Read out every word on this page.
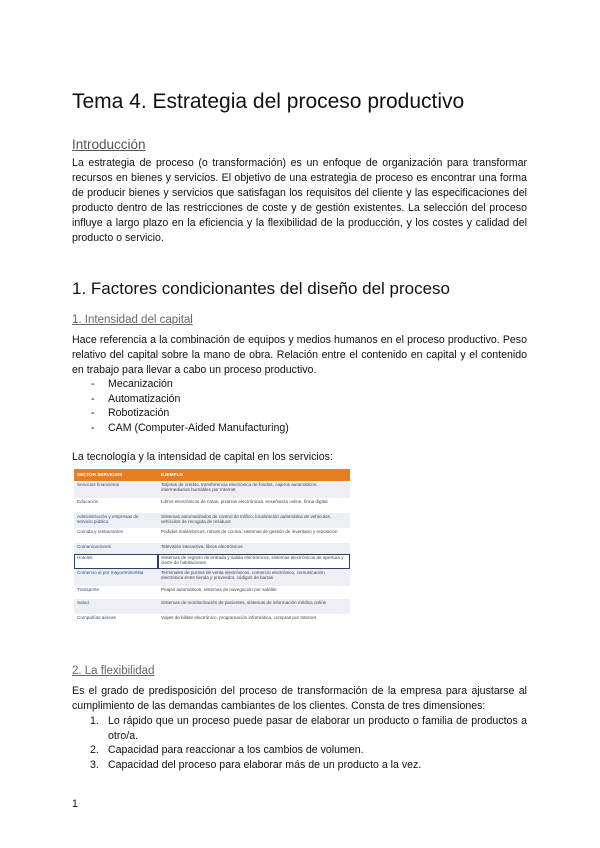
Tema 4. Estrategia del proceso productivo
Introducción

La estrategia de proceso (o transformación) es un enfoque de organización para transformar recursos en bienes y servicios. El objetivo de una estrategia de proceso es encontrar una forma de producir bienes y servicios que satisfagan los requisitos del cliente y las especificaciones del producto dentro de las restricciones de coste y de gestión existentes. La selección del proceso influye a largo plazo en la eficiencia y la flexibilidad de la producción, y los costes y calidad del producto o servicio.

1. Factores condicionantes del diseño del proceso
1. Intensidad del capital

Hace referencia a la combinación de equipos y medios humanos en el proceso productivo. Peso relativo del capital sobre la mano de obra. Relación entre el contenido en capital y el contenido en trabajo para llevar a cabo un proceso productivo.

- Mecanización
- Automatización
- Robotización
- CAM (Computer-Aided Manufacturing)

La tecnología y la intensidad de capital en los servicios:

SECTOR SERVICIOS	EJEMPLO
Servicios financieros	Tarjetas de crédito, transferencia electrónica de fondos, cajeros automáticos, intermediarios bursátiles por Internet
Educación	Libros electrónicos de notas, pizarras electrónicas, enseñanza online, firma digital
Administración y empresas de servicio público	Sistemas automatizados de control de tráfico, localización automática de vehículos, vehículos de recogida de residuos
Comida y restaurantes	Pedidos inalámbricos, robots de cocina, sistemas de gestión de inventario y reposición
Comunicaciones	Televisión interactiva, libros electrónicos
Hoteles	Sistemas de registro de entrada y salida electrónicos, sistemas electrónicos de apertura y cierre de habitaciones
Comercio al por mayor/minorista	Terminales de puntos de venta electrónicos, comercio electrónico, comunicación electrónica entre tienda y proveedor, códigos de barras
Transporte	Peajes automáticos, sistemas de navegación por satélite
Salud	Sistemas de monitorización de pacientes, sistemas de información médica online
Compañías aéreas	Viajes de billete electrónico, programación informática, compras por Internet
2. La flexibilidad

Es el grado de predisposición del proceso de transformación de la empresa para ajustarse al cumplimiento de las demandas cambiantes de los clientes. Consta de tres dimensiones:

1. Lo rápido que un proceso puede pasar de elaborar un producto o familia de productos a otro/a.
2. Capacidad para reaccionar a los cambios de volumen.
3. Capacidad del proceso para elaborar más de un producto a la vez.
1
